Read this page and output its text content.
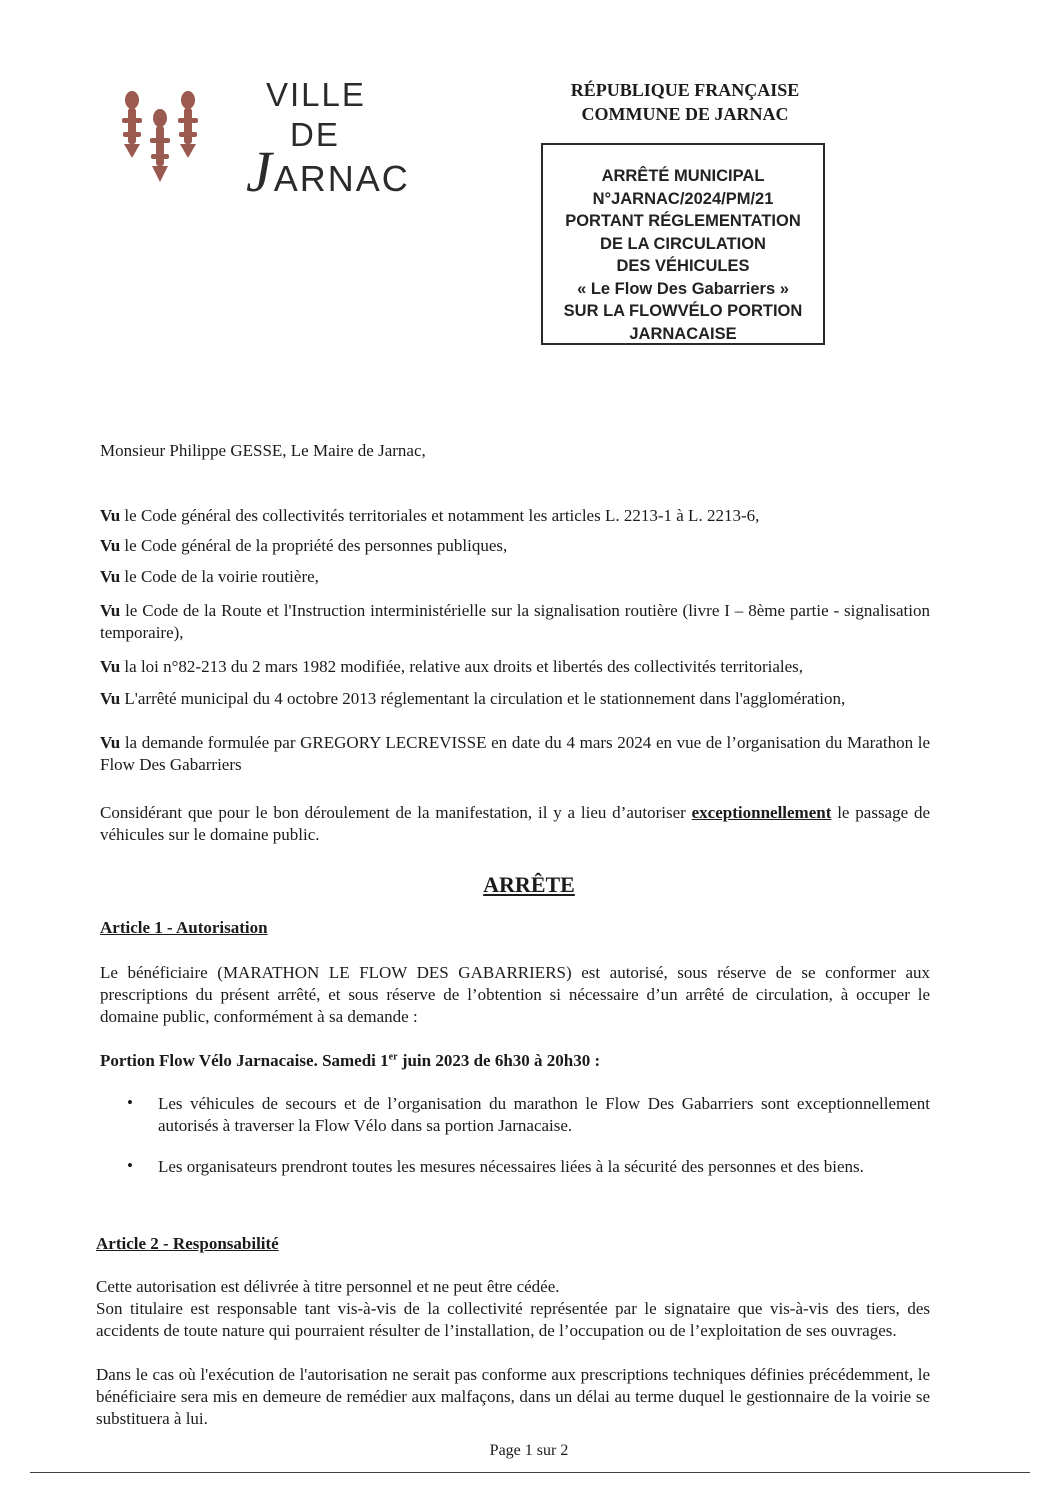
VILLE
DE
JARNAC
RÉPUBLIQUE FRANÇAISE
COMMUNE DE JARNAC
ARRÊTÉ MUNICIPAL
N°JARNAC/2024/PM/21
PORTANT RÉGLEMENTATION
DE LA CIRCULATION
DES VÉHICULES
« Le Flow Des Gabarriers »
SUR LA FLOWVÉLO PORTION
JARNACAISE
Monsieur Philippe GESSE, Le Maire de Jarnac,
Vu le Code général des collectivités territoriales et notamment les articles L. 2213-1 à L. 2213-6,
Vu le Code général de la propriété des personnes publiques,
Vu le Code de la voirie routière,
Vu le Code de la Route et l'Instruction interministérielle sur la signalisation routière (livre I – 8ème partie - signalisation temporaire),
Vu la loi n°82-213 du 2 mars 1982 modifiée, relative aux droits et libertés des collectivités territoriales,
Vu L'arrêté municipal du 4 octobre 2013 réglementant la circulation et le stationnement dans l'agglomération,
Vu la demande formulée par GREGORY LECREVISSE en date du 4 mars 2024 en vue de l’organisation du Marathon le Flow Des Gabarriers
Considérant que pour le bon déroulement de la manifestation, il y a lieu d’autoriser exceptionnellement le passage de véhicules sur le domaine public.
ARRÊTE
Article 1 - Autorisation
Le bénéficiaire (MARATHON LE FLOW DES GABARRIERS) est autorisé, sous réserve de se conformer aux prescriptions du présent arrêté, et sous réserve de l’obtention si nécessaire d’un arrêté de circulation, à occuper le domaine public, conformément à sa demande :
Portion Flow Vélo Jarnacaise. Samedi 1er juin 2023 de 6h30 à 20h30 :
• Les véhicules de secours et de l’organisation du marathon le Flow Des Gabarriers sont exceptionnellement autorisés à traverser la Flow Vélo dans sa portion Jarnacaise.
• Les organisateurs prendront toutes les mesures nécessaires liées à la sécurité des personnes et des biens.
Article 2 - Responsabilité
Cette autorisation est délivrée à titre personnel et ne peut être cédée.
Son titulaire est responsable tant vis-à-vis de la collectivité représentée par le signataire que vis-à-vis des tiers, des accidents de toute nature qui pourraient résulter de l’installation, de l’occupation ou de l’exploitation de ses ouvrages.
Dans le cas où l'exécution de l'autorisation ne serait pas conforme aux prescriptions techniques définies précédemment, le bénéficiaire sera mis en demeure de remédier aux malfaçons, dans un délai au terme duquel le gestionnaire de la voirie se substituera à lui.
Page 1 sur 2
